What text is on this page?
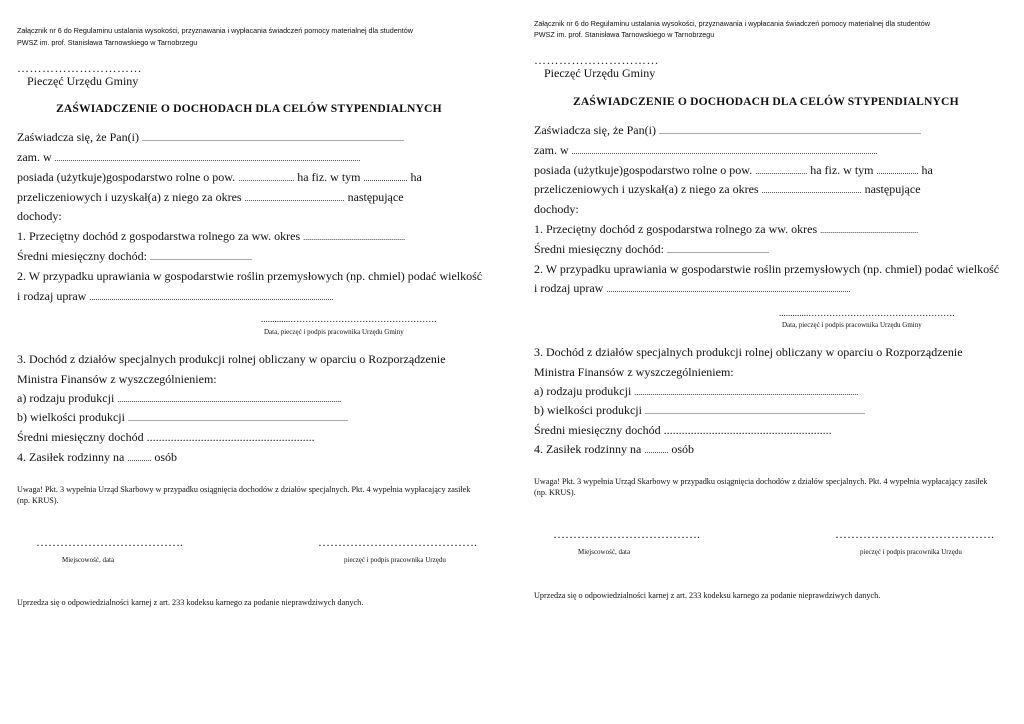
Załącznik nr 6 do Regulaminu ustalania wysokości, przyznawania i wypłacania świadczeń pomocy materialnej dla studentów
PWSZ im. prof. Stanisława Tarnowskiego w Tarnobrzegu
…………………………
Pieczęć Urzędu Gminy
ZAŚWIADCZENIE O DOCHODACH DLA CELÓW STYPENDIALNYCH
Zaświadcza się, że Pan(i) ...................................................................................................................................
zam. w .........................................................................................................................................................
posiada (użytkuje)gospodarstwo rolne o pow. ............................ ha fiz. w tym ...................... ha
przeliczeniowych i uzyskał(a) z niego za okres .................................................. następujące
dochody:
1. Przeciętny dochód z gospodarstwa rolnego za ww. okres ...................................................
Średni miesięczny dochód: ...................................................
2. W przypadku uprawiania w gospodarstwie roślin przemysłowych (np. chmiel) podać wielkość
i rodzaj upraw ..........................................................................................................................
.............………………………………………….
Data, pieczęć i podpis pracownika Urzędu Gminy
3. Dochód z działów specjalnych produkcji rolnej obliczany w oparciu o Rozporządzenie
Ministra Finansów z wyszczególnieniem:
a) rodzaju produkcji ................................................................................................................
b) wielkości produkcji ..............................................................................................................
Średni miesięczny dochód ........................................................
4. Zasiłek rodzinny na ............ osób
Uwaga! Pkt. 3 wypełnia Urząd Skarbowy w przypadku osiągnięcia dochodów z działów specjalnych. Pkt. 4 wypełnia wypłacający zasiłek (np. KRUS).
……………………………….
Miejscowość, data
………………………………….
pieczęć i podpis pracownika Urzędu
Uprzedza się o odpowiedzialności karnej z art. 233 kodeksu karnego za podanie nieprawdziwych danych.
Załącznik nr 6 do Regulaminu ustalania wysokości, przyznawania i wypłacania świadczeń pomocy materialnej dla studentów
PWSZ im. prof. Stanisława Tarnowskiego w Tarnobrzegu
…………………………
Pieczęć Urzędu Gminy
ZAŚWIADCZENIE O DOCHODACH DLA CELÓW STYPENDIALNYCH
Zaświadcza się, że Pan(i) ...................................................................................................................................
zam. w .........................................................................................................................................................
posiada (użytkuje)gospodarstwo rolne o pow. .......................... ha fiz. w tym ..................... ha
przeliczeniowych i uzyskał(a) z niego za okres .................................................. następujące
dochody:
1. Przeciętny dochód z gospodarstwa rolnego za ww. okres .................................................
Średni miesięczny dochód: ...................................................
2. W przypadku uprawiania w gospodarstwie roślin przemysłowych (np. chmiel) podać wielkość
i rodzaj upraw ..........................................................................................................................
.............………………………………………….
Data, pieczęć i podpis pracownika Urzędu Gminy
3. Dochód z działów specjalnych produkcji rolnej obliczany w oparciu o Rozporządzenie
Ministra Finansów z wyszczególnieniem:
a) rodzaju produkcji ................................................................................................................
b) wielkości produkcji ..............................................................................................................
Średni miesięczny dochód ........................................................
4. Zasiłek rodzinny na ............ osób
Uwaga! Pkt. 3 wypełnia Urząd Skarbowy w przypadku osiągnięcia dochodów z działów specjalnych. Pkt. 4 wypełnia wypłacający zasiłek (np. KRUS).
……………………………….
Miejscowość, data
………………………………….
pieczęć i podpis pracownika Urzędu
Uprzedza się o odpowiedzialności karnej z art. 233 kodeksu karnego za podanie nieprawdziwych danych.
